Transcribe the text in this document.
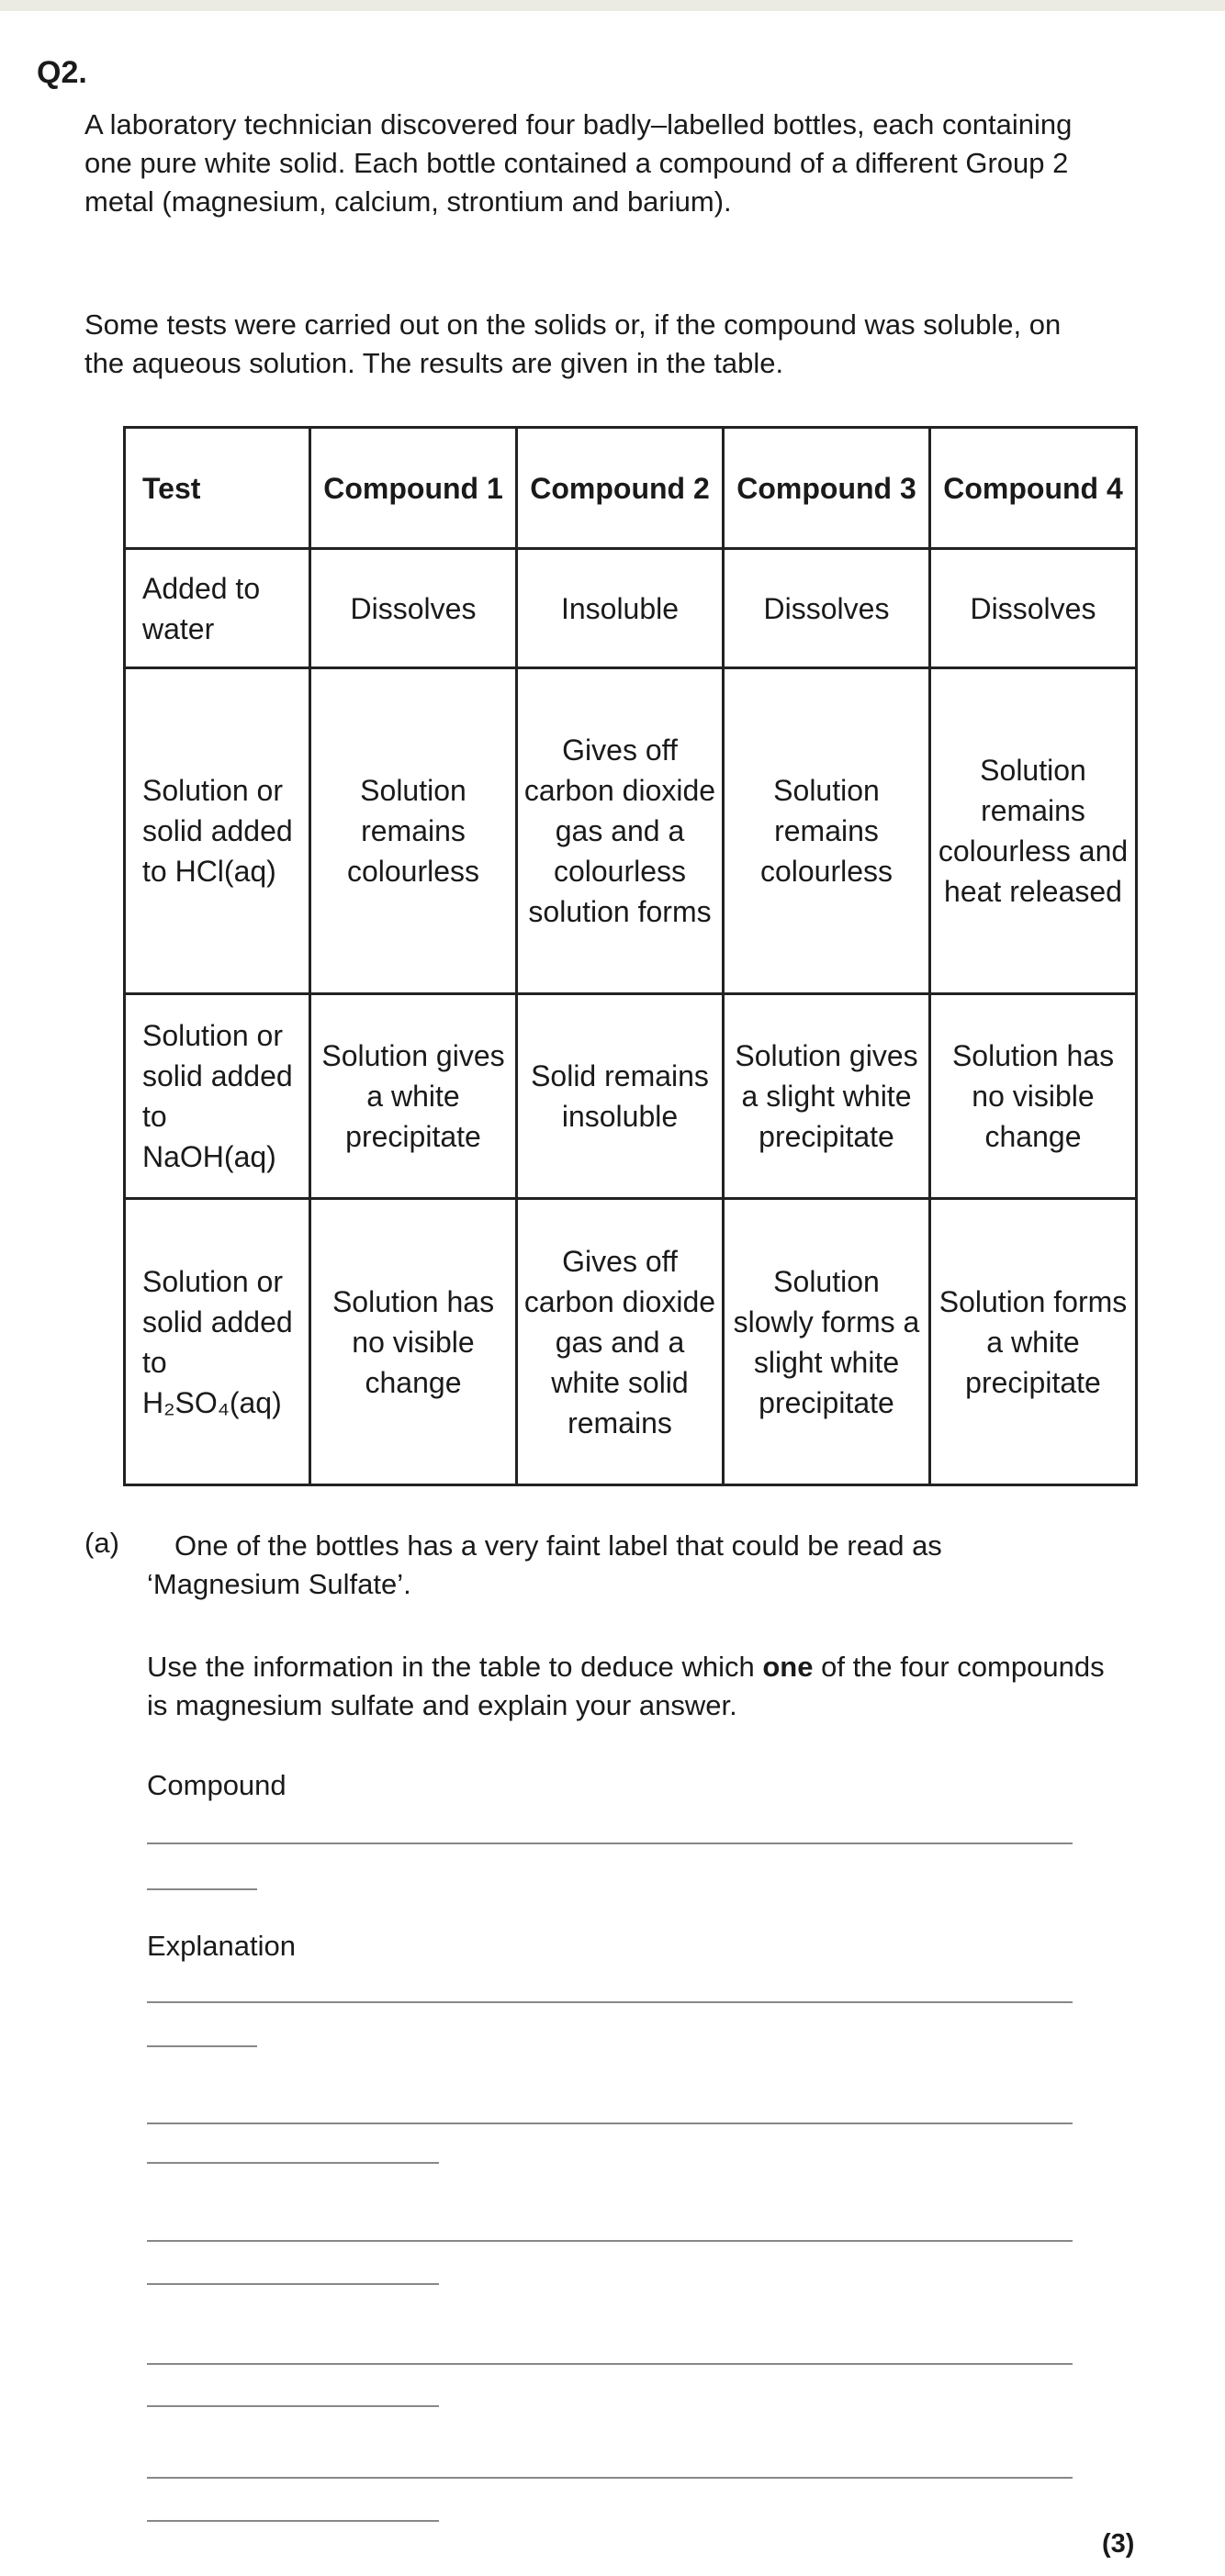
Q2.

A laboratory technician discovered four badly–labelled bottles, each containing one pure white solid. Each bottle contained a compound of a different Group 2 metal (magnesium, calcium, strontium and barium).

Some tests were carried out on the solids or, if the compound was soluble, on the aqueous solution. The results are given in the table.

Test	Compound 1	Compound 2	Compound 3	Compound 4
Added to water	Dissolves	Insoluble	Dissolves	Dissolves
Solution or solid added to HCl(aq)	Solution remains colourless	Gives off carbon dioxide gas and a colourless solution forms	Solution remains colourless	Solution remains colourless and heat released
Solution or solid added to NaOH(aq)	Solution gives a white precipitate	Solid remains insoluble	Solution gives a slight white precipitate	Solution has no visible change
Solution or solid added to H₂SO₄(aq)	Solution has no visible change	Gives off carbon dioxide gas and a white solid remains	Solution slowly forms a slight white precipitate	Solution forms a white precipitate
(a)	One of the bottles has a very faint label that could be read as ‘Magnesium Sulfate’.

Use the information in the table to deduce which one of the four compounds is magnesium sulfate and explain your answer.

Compound
Explanation
(3)
